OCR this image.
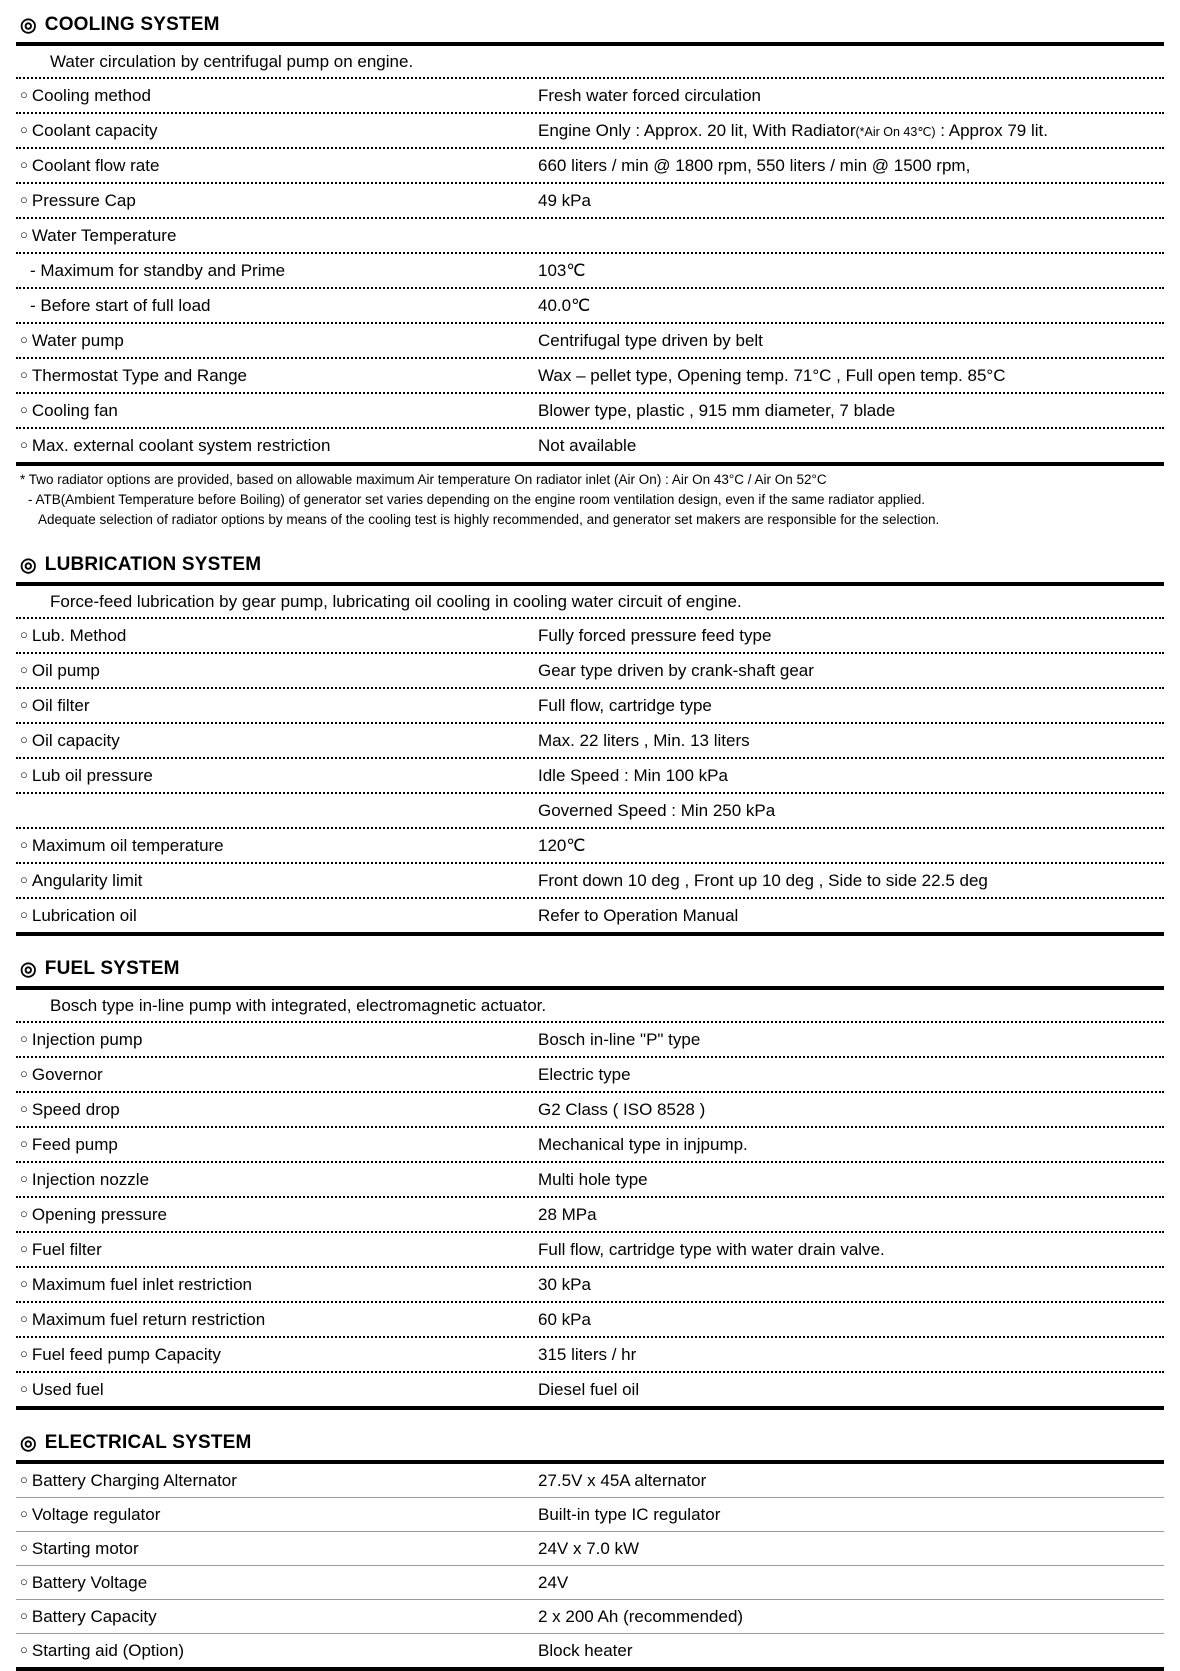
◎ COOLING SYSTEM
Water circulation by centrifugal pump on engine.
○ Cooling method	Fresh water forced circulation
○ Coolant capacity	Engine Only : Approx. 20 lit, With Radiator(*Air On 43℃) : Approx 79 lit.
○ Coolant flow rate	660 liters / min @ 1800 rpm, 550 liters / min @ 1500 rpm,
○ Pressure Cap	49 kPa
○ Water Temperature
- Maximum for standby and Prime	103℃
- Before start of full load	40.0℃
○ Water pump	Centrifugal type driven by belt
○ Thermostat Type and Range	Wax – pellet type, Opening temp. 71°C , Full open temp. 85°C
○ Cooling fan	Blower type, plastic , 915 mm diameter, 7 blade
○ Max. external coolant system restriction	Not available
* Two radiator options are provided, based on allowable maximum Air temperature On radiator inlet (Air On) : Air On 43°C / Air On 52°C
- ATB(Ambient Temperature before Boiling) of generator set varies depending on the engine room ventilation design, even if the same radiator applied.
Adequate selection of radiator options by means of the cooling test is highly recommended, and generator set makers are responsible for the selection.
◎ LUBRICATION SYSTEM
Force-feed lubrication by gear pump, lubricating oil cooling in cooling water circuit of engine.
○ Lub. Method	Fully forced pressure feed type
○ Oil pump	Gear type driven by crank-shaft gear
○ Oil filter	Full flow, cartridge type
○ Oil capacity	Max. 22 liters , Min. 13 liters
○ Lub oil pressure	Idle Speed : Min 100 kPa
Governed Speed : Min 250 kPa
○ Maximum oil temperature	120℃
○ Angularity limit	Front down 10 deg , Front up 10 deg , Side to side 22.5 deg
○ Lubrication oil	Refer to Operation Manual
◎ FUEL SYSTEM
Bosch type in-line pump with integrated, electromagnetic actuator.
○ Injection pump	Bosch in-line "P" type
○ Governor	Electric type
○ Speed drop	G2 Class ( ISO 8528 )
○ Feed pump	Mechanical type in injpump.
○ Injection nozzle	Multi hole type
○ Opening pressure	28 MPa
○ Fuel filter	Full flow, cartridge type with water drain valve.
○ Maximum fuel inlet restriction	30 kPa
○ Maximum fuel return restriction	60 kPa
○ Fuel feed pump Capacity	315 liters / hr
○ Used fuel	Diesel fuel oil
◎ ELECTRICAL SYSTEM
○ Battery Charging Alternator	27.5V x 45A alternator
○ Voltage regulator	Built-in type IC regulator
○ Starting motor	24V x 7.0 kW
○ Battery Voltage	24V
○ Battery Capacity	2 x 200 Ah (recommended)
○ Starting aid (Option)	Block heater
